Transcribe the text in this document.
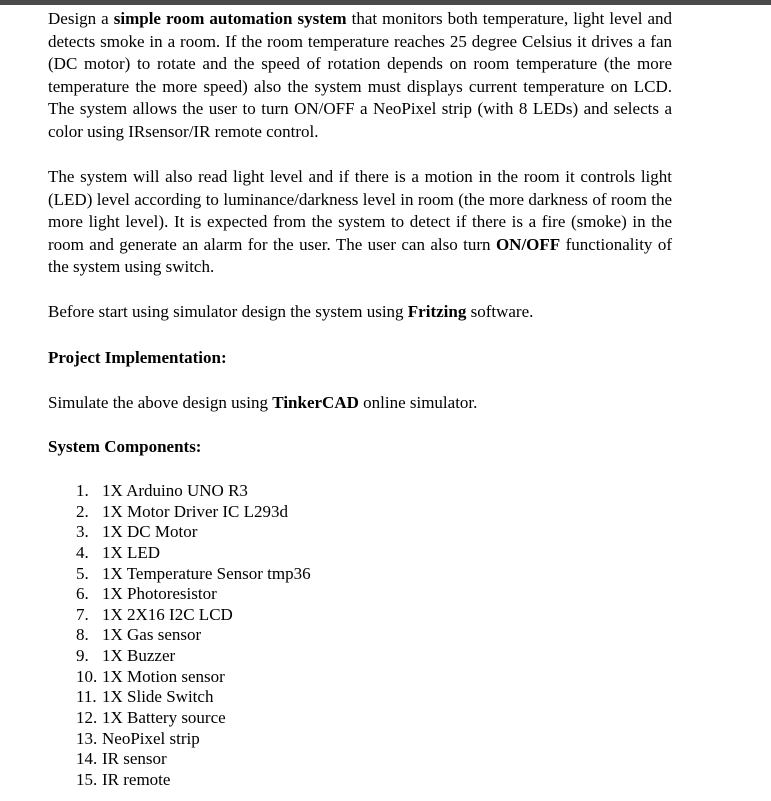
Design a simple room automation system that monitors both temperature, light level and detects smoke in a room. If the room temperature reaches 25 degree Celsius it drives a fan (DC motor) to rotate and the speed of rotation depends on room temperature (the more temperature the more speed) also the system must displays current temperature on LCD. The system allows the user to turn ON/OFF a NeoPixel strip (with 8 LEDs) and selects a color using IRsensor/IR remote control.

The system will also read light level and if there is a motion in the room it controls light (LED) level according to luminance/darkness level in room (the more darkness of room the more light level). It is expected from the system to detect if there is a fire (smoke) in the room and generate an alarm for the user. The user can also turn ON/OFF functionality of the system using switch.

Before start using simulator design the system using Fritzing software.

Project Implementation:

Simulate the above design using TinkerCAD online simulator.

System Components:

1. 1X Arduino UNO R3
2. 1X Motor Driver IC L293d
3. 1X DC Motor
4. 1X LED
5. 1X Temperature Sensor tmp36
6. 1X Photoresistor
7. 1X 2X16 I2C LCD
8. 1X Gas sensor
9. 1X Buzzer
10. 1X Motion sensor
11. 1X Slide Switch
12. 1X Battery source
13. NeoPixel strip
14. IR sensor
15. IR remote
